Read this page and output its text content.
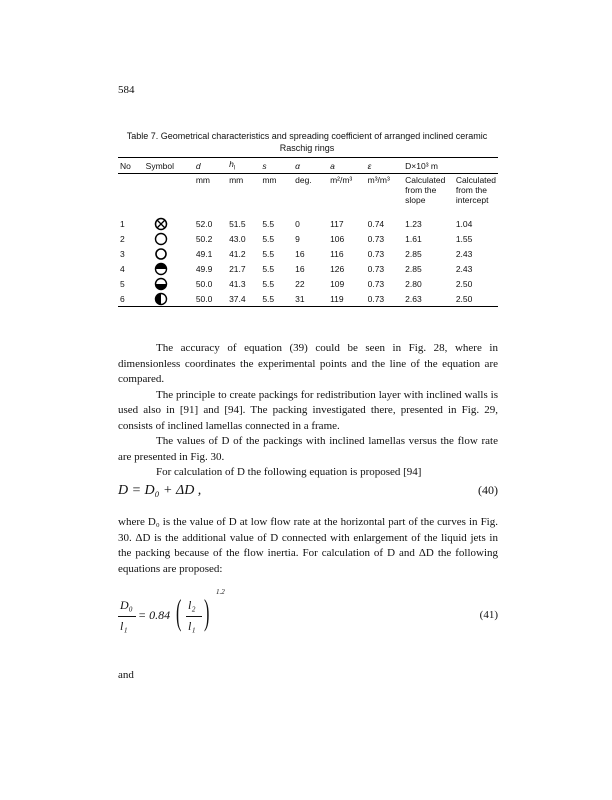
584
Table 7. Geometrical characteristics and spreading coefficient of arranged inclined ceramic
Raschig rings
No	Symbol	d	$h_l$	s	α	a	ε	D×10³ m	
		mm	mm	mm	deg.	m²/m³	m³/m³	Calculated from the slope	Calculated from the intercept
1		52.0	51.5	5.5	0	117	0.74	1.23	1.04
2		50.2	43.0	5.5	9	106	0.73	1.61	1.55
3		49.1	41.2	5.5	16	116	0.73	2.85	2.43
4		49.9	21.7	5.5	16	126	0.73	2.85	2.43
5		50.0	41.3	5.5	22	109	0.73	2.80	2.50
6		50.0	37.4	5.5	31	119	0.73	2.63	2.50

The accuracy of equation (39) could be seen in Fig. 28, where in dimensionless coordinates the experimental points and the line of the equation are compared.

The principle to create packings for redistribution layer with inclined walls is used also in [91] and [94]. The packing investigated there, presented in Fig. 29, consists of inclined lamellas connected in a frame.

The values of D of the packings with inclined lamellas versus the flow rate are presented in Fig. 30.

For calculation of D the following equation is proposed [94]

D = D₀ + ΔD ,	(40)
where D₀ is the value of D at low flow rate at the horizontal part of the curves in Fig. 30. ΔD is the additional value of D connected with enlargement of the liquid jets in the packing because of the flow inertia. For calculation of D and ΔD the following equations are proposed:
D₀
l₁
= 0.84 ( l₂
l₁ ) 1.2
(41)
and
